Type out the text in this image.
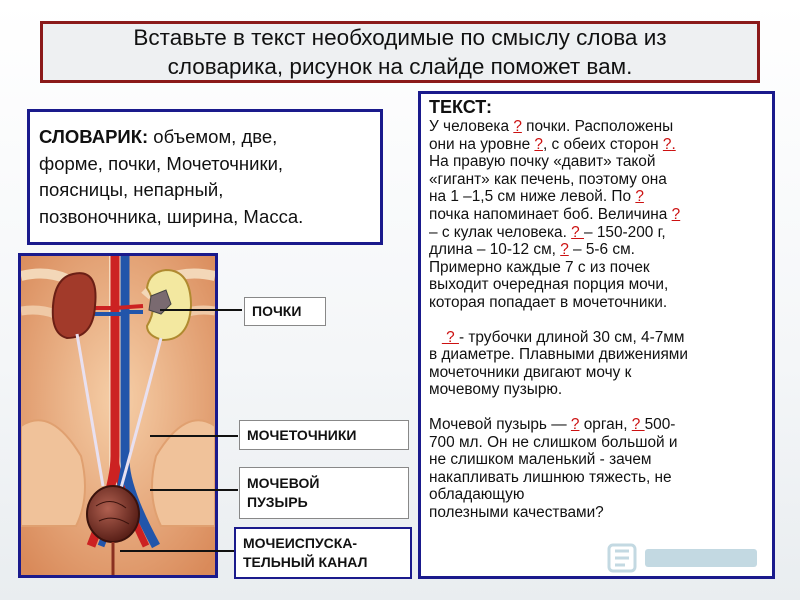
Вставьте в текст необходимые по смыслу слова из
словарика, рисунок на слайде поможет вам.
СЛОВАРИК: объемом, две,
форме, почки, Мочеточники,
поясницы, непарный,
позвоночника, ширина, Масса.
ТЕКСТ:
У человека ? почки. Расположены
они на уровне ?, с обеих сторон ?.
На правую почку «давит» такой
«гигант» как печень, поэтому она
на 1 –1,5 см ниже левой. По ?
почка напоминает боб. Величина ?
– с кулак человека. ? – 150-200 г,
длина – 10-12 см, ? – 5-6 см.
Примерно каждые 7 с из почек
выходит очередная порция мочи,
которая попадает в мочеточники.
? - трубочки длиной 30 см, 4-7мм
в диаметре. Плавными движениями
мочеточники двигают мочу к
мочевому пузырю.
Мочевой пузырь — ? орган, ? 500-
700 мл. Он не слишком большой и
не слишком маленький - зачем
накапливать лишнюю тяжесть, не
обладающую
полезными качествами?
ПОЧКИ
МОЧЕТОЧНИКИ
МОЧЕВОЙ
ПУЗЫРЬ
МОЧЕИСПУСКА-
ТЕЛЬНЫЙ КАНАЛ
